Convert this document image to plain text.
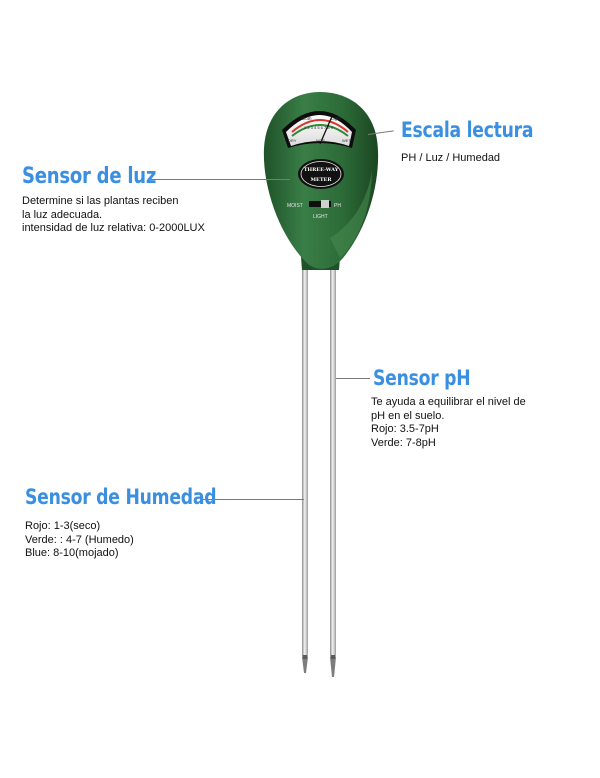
Cloth	Light
DRY	NOR	WET
1 2 3 4 5 6 7 8 9
THREE-WAY
METER
MOIST	PH
LIGHT
Escala lectura
PH / Luz / Humedad
Sensor de luz
Determine si las plantas reciben
la luz adecuada.
intensidad de luz relativa: 0-2000LUX
Sensor pH
Te ayuda a equilibrar el nivel de
pH en el suelo.
Rojo: 3.5-7pH
Verde: 7-8pH
Sensor de Humedad
Rojo: 1-3(seco)
Verde: : 4-7 (Humedo)
Blue: 8-10(mojado)
